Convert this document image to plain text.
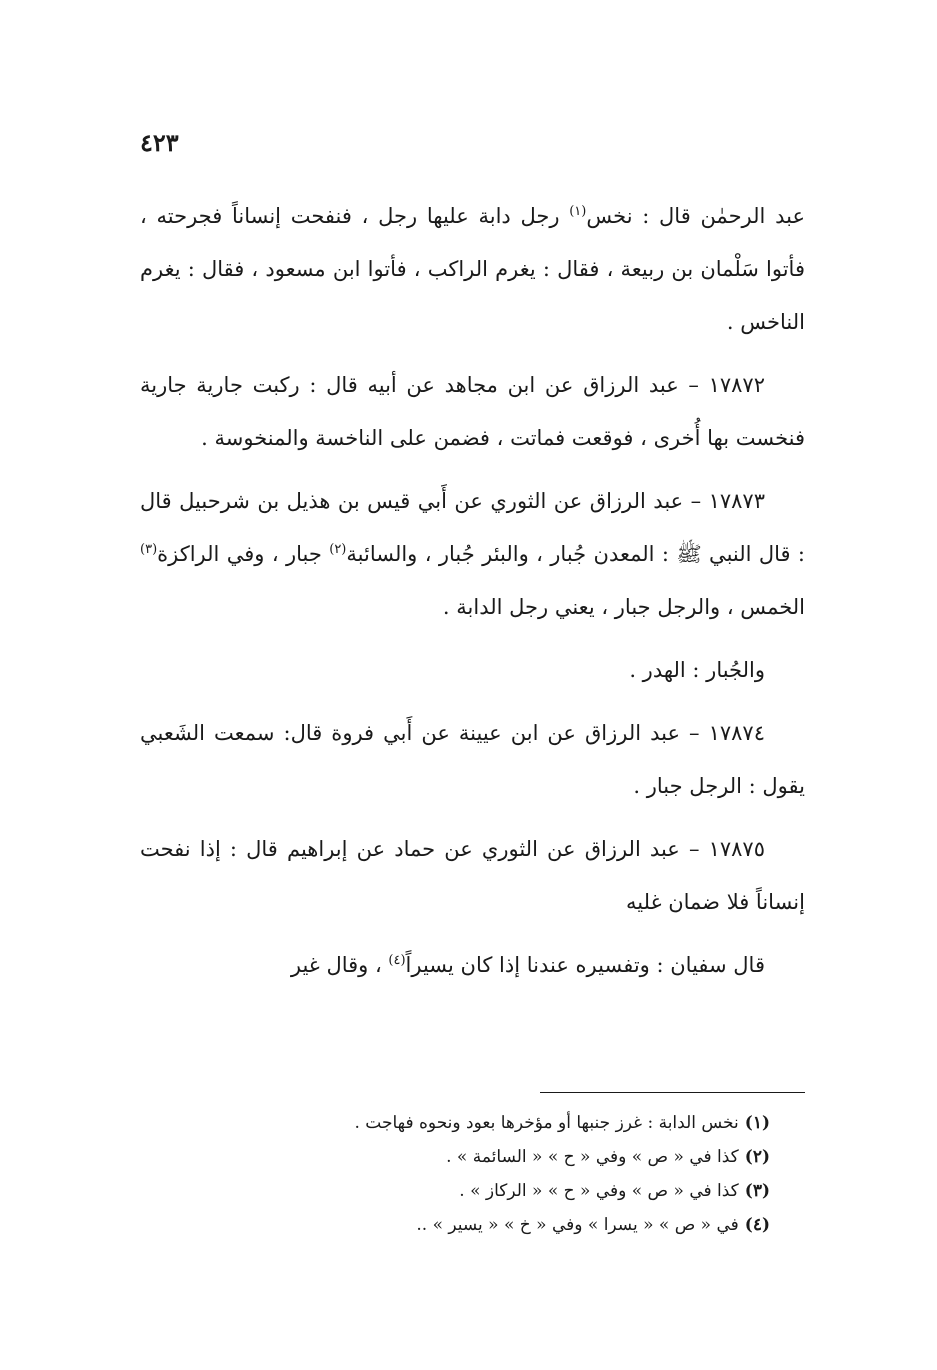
٤٢٣

عبد الرحمٰن قال : نخس$^{(١)}$ رجل دابة عليها رجل ، فنفحت إنساناً فجرحته ، فأتوا سَلْمان بن ربيعة ، فقال : يغرم الراكب ، فأتوا ابن مسعود ، فقال : يغرم الناخس .

١٧٨٧٢ – عبد الرزاق عن ابن مجاهد عن أبيه قال : ركبت جارية جارية فنخست بها أُخرى ، فوقعت فماتت ، فضمن على الناخسة والمنخوسة .

١٧٨٧٣ – عبد الرزاق عن الثوري عن أَبي قيس بن هذيل بن شرحبيل قال : قال النبي ﷺ : المعدن جُبار ، والبئر جُبار ، والسائبة$^{(٢)}$ جبار ، وفي الراكزة$^{(٣)}$ الخمس ، والرجل جبار ، يعني رجل الدابة .

والجُبار : الهدر .

١٧٨٧٤ – عبد الرزاق عن ابن عيينة عن أَبي فروة قال: سمعت الشَعبي يقول : الرجل جبار .

١٧٨٧٥ – عبد الرزاق عن الثوري عن حماد عن إبراهيم قال : إذا نفحت إنساناً فلا ضمان غليه

قال سفيان : وتفسيره عندنا إذا كان يسيراً$^{(٤)}$ ، وقال غير

(١)نخس الدابة : غرز جنبها أو مؤخرها بعود ونحوه فهاجت .

(٢)كذا في « ص » وفي « ح » « السائمة » .

(٣)كذا في « ص » وفي « ح » « الركاز » .

(٤)في « ص » « يسرا » وفي « خ » « يسير » ..
